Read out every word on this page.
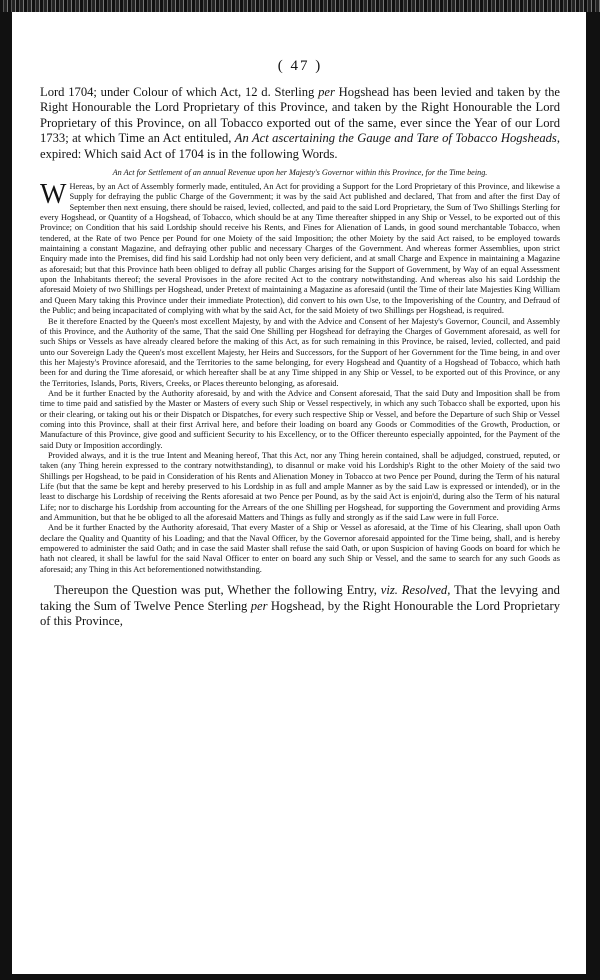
( 47 )

Lord 1704; under Colour of which Act, 12 d. Sterling per Hogshead has been levied and taken by the Right Honourable the Lord Proprietary of this Province, and taken by the Right Honourable the Lord Proprietary of this Province, on all Tobacco exported out of the same, ever since the Year of our Lord 1733; at which Time an Act entituled, An Act ascertaining the Gauge and Tare of Tobacco Hogsheads, expired: Which said Act of 1704 is in the following Words.

An Act for Settlement of an annual Revenue upon her Majesty's Governor within this Province, for the Time being.

W Hereas, by an Act of Assembly formerly made, entituled, An Act for providing a Support for the Lord Proprietary of this Province, and likewise a Supply for defraying the public Charge of the Government; it was by the said Act published and declared, That from and after the first Day of September then next ensuing, there should be raised, levied, collected, and paid to the said Lord Proprietary, the Sum of Two Shillings Sterling for every Hogshead, or Quantity of a Hogshead, of Tobacco, which should be at any Time thereafter shipped in any Ship or Vessel, to be exported out of this Province; on Condition that his said Lordship should receive his Rents, and Fines for Alienation of Lands, in good sound merchantable Tobacco, when tendered, at the Rate of two Pence per Pound for one Moiety of the said Imposition; the other Moiety by the said Act raised, to be employed towards maintaining a constant Magazine, and defraying other public and necessary Charges of the Government. And whereas former Assemblies, upon strict Enquiry made into the Premises, did find his said Lordship had not only been very deficient, and at small Charge and Expence in maintaining a Magazine as aforesaid; but that this Province hath been obliged to defray all public Charges arising for the Support of Government, by Way of an equal Assessment upon the Inhabitants thereof; the several Provisoes in the afore recited Act to the contrary notwithstanding. And whereas also his said Lordship the aforesaid Moiety of two Shillings per Hogshead, under Pretext of maintaining a Magazine as aforesaid (until the Time of their late Majesties King William and Queen Mary taking this Province under their immediate Protection), did convert to his own Use, to the Impoverishing of the Country, and Defraud of the Public; and being incapacitated of complying with what by the said Act, for the said Moiety of two Shillings per Hogshead, is required.

Be it therefore Enacted by the Queen's most excellent Majesty, by and with the Advice and Consent of her Majesty's Governor, Council, and Assembly of this Province, and the Authority of the same, That the said One Shilling per Hogshead for defraying the Charges of Government aforesaid, as well for such Ships or Vessels as have already cleared before the making of this Act, as for such remaining in this Province, be raised, levied, collected, and paid unto our Sovereign Lady the Queen's most excellent Majesty, her Heirs and Successors, for the Support of her Government for the Time being, in and over this her Majesty's Province aforesaid, and the Territories to the same belonging, for every Hogshead and Quantity of a Hogshead of Tobacco, which hath been for and during the Time aforesaid, or which hereafter shall be at any Time shipped in any Ship or Vessel, to be exported out of this Province, or any the Territories, Islands, Ports, Rivers, Creeks, or Places thereunto belonging, as aforesaid.

And be it further Enacted by the Authority aforesaid, by and with the Advice and Consent aforesaid, That the said Duty and Imposition shall be from time to time paid and satisfied by the Master or Masters of every such Ship or Vessel respectively, in which any such Tobacco shall be exported, upon his or their clearing, or taking out his or their Dispatch or Dispatches, for every such respective Ship or Vessel, and before the Departure of such Ship or Vessel coming into this Province, shall at their first Arrival here, and before their loading on board any Goods or Commodities of the Growth, Production, or Manufacture of this Province, give good and sufficient Security to his Excellency, or to the Officer thereunto especially appointed, for the Payment of the said Duty or Imposition accordingly.

Provided always, and it is the true Intent and Meaning hereof, That this Act, nor any Thing herein contained, shall be adjudged, construed, reputed, or taken (any Thing herein expressed to the contrary notwithstanding), to disannul or make void his Lordship's Right to the other Moiety of the said two Shillings per Hogshead, to be paid in Consideration of his Rents and Alienation Money in Tobacco at two Pence per Pound, during the Term of his natural Life (but that the same be kept and hereby preserved to his Lordship in as full and ample Manner as by the said Law is expressed or intended), or in the least to discharge his Lordship of receiving the Rents aforesaid at two Pence per Pound, as by the said Act is enjoin'd, during also the Term of his natural Life; nor to discharge his Lordship from accounting for the Arrears of the one Shilling per Hogshead, for supporting the Government and providing Arms and Ammunition, but that he be obliged to all the aforesaid Matters and Things as fully and strongly as if the said Law were in full Force.

And be it further Enacted by the Authority aforesaid, That every Master of a Ship or Vessel as aforesaid, at the Time of his Clearing, shall upon Oath declare the Quality and Quantity of his Loading; and that the Naval Officer, by the Governor aforesaid appointed for the Time being, shall, and is hereby empowered to administer the said Oath; and in case the said Master shall refuse the said Oath, or upon Suspicion of having Goods on board for which he hath not cleared, it shall be lawful for the said Naval Officer to enter on board any such Ship or Vessel, and the same to search for any such Goods as aforesaid; any Thing in this Act beforementioned notwithstanding.

Thereupon the Question was put, Whether the following Entry, viz. Resolved, That the levying and taking the Sum of Twelve Pence Sterling per Hogshead, by the Right Honourable the Lord Proprietary of this Province,
